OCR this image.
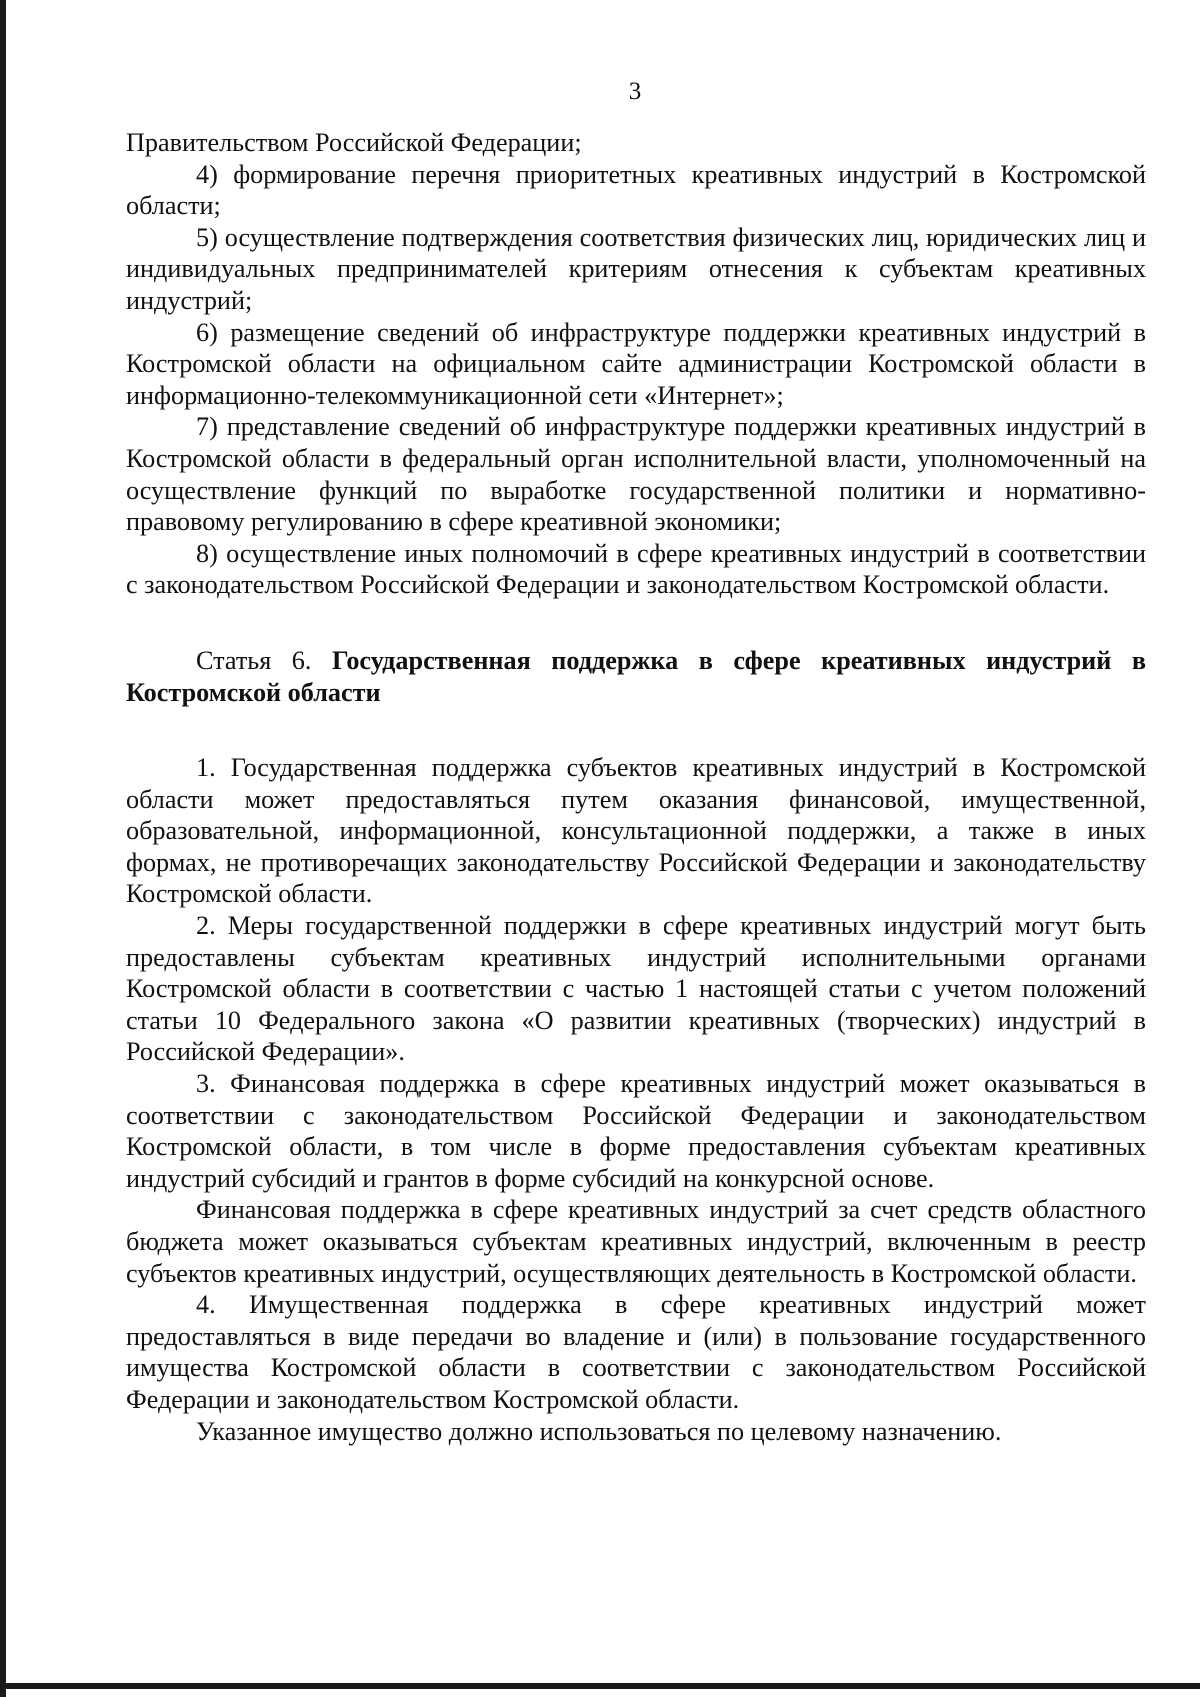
3

Правительством Российской Федерации;

4) формирование перечня приоритетных креативных индустрий в Костромской области;

5) осуществление подтверждения соответствия физических лиц, юридических лиц и индивидуальных предпринимателей критериям отнесения к субъектам креативных индустрий;

6) размещение сведений об инфраструктуре поддержки креативных индустрий в Костромской области на официальном сайте администрации Костромской области в информационно-телекоммуникационной сети «Интернет»;

7) представление сведений об инфраструктуре поддержки креативных индустрий в Костромской области в федеральный орган исполнительной власти, уполномоченный на осуществление функций по выработке государственной политики и нормативно-правовому регулированию в сфере креативной экономики;

8) осуществление иных полномочий в сфере креативных индустрий в соответствии с законодательством Российской Федерации и законодательством Костромской области.

Статья 6. Государственная поддержка в сфере креативных индустрий в Костромской области

1. Государственная поддержка субъектов креативных индустрий в Костромской области может предоставляться путем оказания финансовой, имущественной, образовательной, информационной, консультационной поддержки, а также в иных формах, не противоречащих законодательству Российской Федерации и законодательству Костромской области.

2. Меры государственной поддержки в сфере креативных индустрий могут быть предоставлены субъектам креативных индустрий исполнительными органами Костромской области в соответствии с частью 1 настоящей статьи с учетом положений статьи 10 Федерального закона «О развитии креативных (творческих) индустрий в Российской Федерации».

3. Финансовая поддержка в сфере креативных индустрий может оказываться в соответствии с законодательством Российской Федерации и законодательством Костромской области, в том числе в форме предоставления субъектам креативных индустрий субсидий и грантов в форме субсидий на конкурсной основе.

Финансовая поддержка в сфере креативных индустрий за счет средств областного бюджета может оказываться субъектам креативных индустрий, включенным в реестр субъектов креативных индустрий, осуществляющих деятельность в Костромской области.

4. Имущественная поддержка в сфере креативных индустрий может предоставляться в виде передачи во владение и (или) в пользование государственного имущества Костромской области в соответствии с законодательством Российской Федерации и законодательством Костромской области.

Указанное имущество должно использоваться по целевому назначению.
